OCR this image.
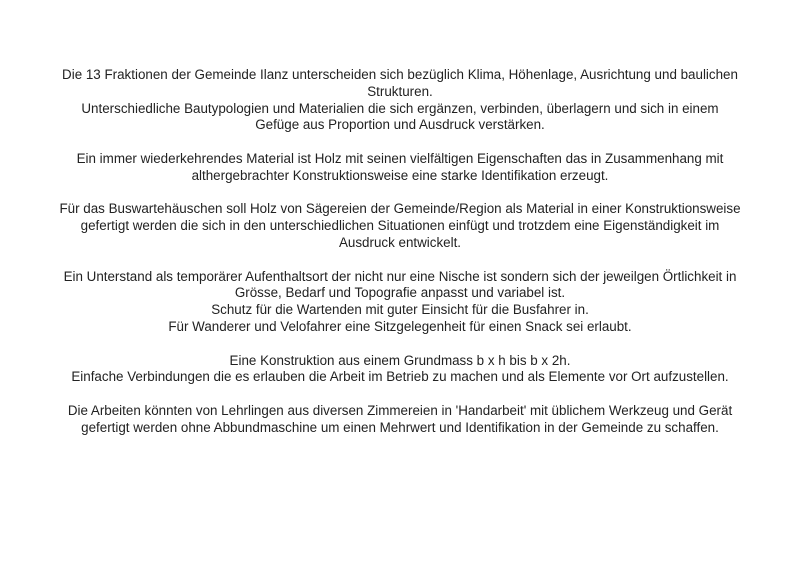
Die 13 Fraktionen der Gemeinde Ilanz unterscheiden sich bezüglich Klima, Höhenlage, Ausrichtung und baulichen
Strukturen.
Unterschiedliche Bautypologien und Materialien die sich ergänzen, verbinden, überlagern und sich in einem
Gefüge aus Proportion und Ausdruck verstärken.

Ein immer wiederkehrendes Material ist Holz mit seinen vielfältigen Eigenschaften das in Zusammenhang mit
althergebrachter Konstruktionsweise eine starke Identifikation erzeugt.

Für das Buswartehäuschen soll Holz von Sägereien der Gemeinde/Region als Material in einer Konstruktionsweise
gefertigt werden die sich in den unterschiedlichen Situationen einfügt und trotzdem eine Eigenständigkeit im
Ausdruck entwickelt.

Ein Unterstand als temporärer Aufenthaltsort der nicht nur eine Nische ist sondern sich der jeweilgen Örtlichkeit in
Grösse, Bedarf und Topografie anpasst und variabel ist.
Schutz für die Wartenden mit guter Einsicht für die Busfahrer in.
Für Wanderer und Velofahrer eine Sitzgelegenheit für einen Snack sei erlaubt.

Eine Konstruktion aus einem Grundmass b x h bis b x 2h.
Einfache Verbindungen die es erlauben die Arbeit im Betrieb zu machen und als Elemente vor Ort aufzustellen.

Die Arbeiten könnten von Lehrlingen aus diversen Zimmereien in 'Handarbeit' mit üblichem Werkzeug und Gerät
gefertigt werden ohne Abbundmaschine um einen Mehrwert und Identifikation in der Gemeinde zu schaffen.
